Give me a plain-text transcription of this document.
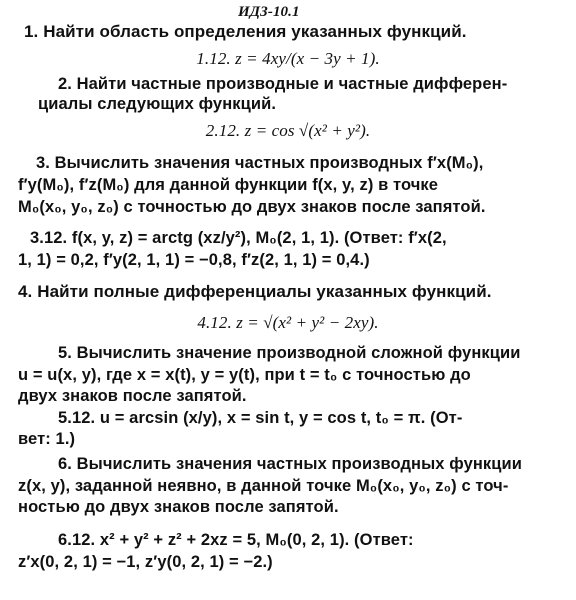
ИДЗ-10.1
1. Найти область определения указанных функций.
1.12. z = 4xy/(x − 3y + 1).
2. Найти частные производные и частные дифферен-
циалы следующих функций.
2.12. z = cos √(x² + y²).
3. Вычислить значения частных производных f′x(M₀),
f′y(M₀), f′z(M₀) для данной функции f(x, y, z) в точке
M₀(x₀, y₀, z₀) с точностью до двух знаков после запятой.
3.12. f(x, y, z) = arctg (xz/y²), M₀(2, 1, 1). (Ответ: f′x(2,
1, 1) = 0,2, f′y(2, 1, 1) = −0,8, f′z(2, 1, 1) = 0,4.)
4. Найти полные дифференциалы указанных функций.
4.12. z = √(x² + y² − 2xy).
5. Вычислить значение производной сложной функции
u = u(x, y), где x = x(t), y = y(t), при t = t₀ с точностью до
двух знаков после запятой.
5.12. u = arcsin (x/y), x = sin t, y = cos t, t₀ = π. (От-
вет: 1.)
6. Вычислить значения частных производных функции
z(x, y), заданной неявно, в данной точке M₀(x₀, y₀, z₀) с точ-
ностью до двух знаков после запятой.
6.12. x² + y² + z² + 2xz = 5, M₀(0, 2, 1). (Ответ:
z′x(0, 2, 1) = −1, z′y(0, 2, 1) = −2.)
